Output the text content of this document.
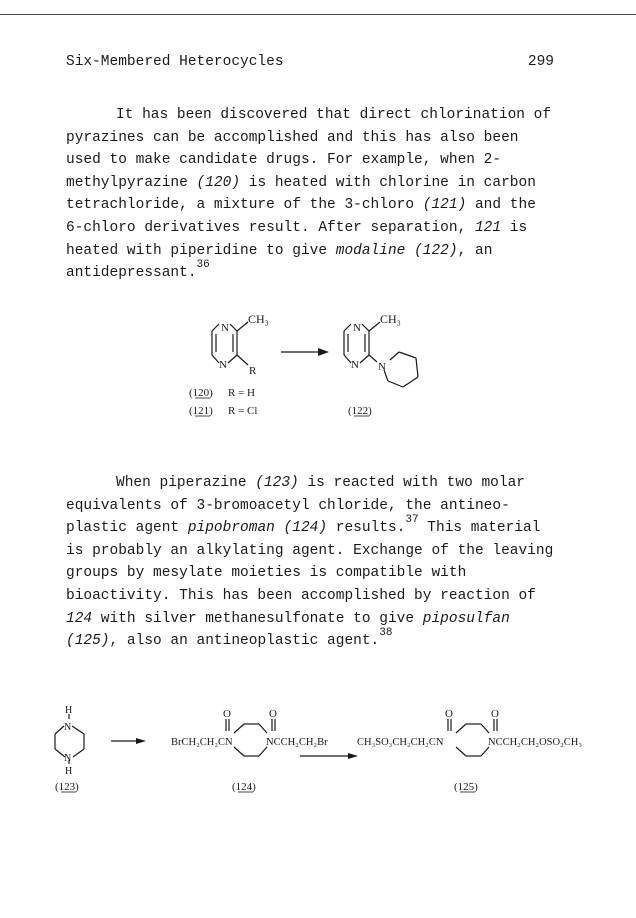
Six-Membered Heterocycles	299

It has been discovered that direct chlorination of pyrazines can be accomplished and this has also been used to make candidate drugs. For example, when 2-methylpyrazine (120) is heated with chlorine in carbon tetrachloride, a mixture of the 3-chloro (121) and the 6-chloro derivatives result. After separation, 121 is heated with piperidine to give modaline (122), an antidepressant.$^{36}$

N
N
CH₃
R
N
N
CH₃
N
(120) R = H
(121) R = Cl	(122)

When piperazine (123) is reacted with two molar equivalents of 3-bromoacetyl chloride, the antineo-plastic agent pipobroman (124) results.$^{37}$ This material is probably an alkylating agent. Exchange of the leaving groups by mesylate moieties is compatible with bioactivity. This has been accomplished by reaction of 124 with silver methanesulfonate to give piposulfan (125), also an antineoplastic agent.$^{38}$

H
N
N
H
O	O
BrCH₂CH₂CN	NCCH₂CH₂Br
O	O
CH₃SO₃CH₂CH₂CN	NCCH₂CH₂OSO₂CH₃
(123)	(124)	(125)
